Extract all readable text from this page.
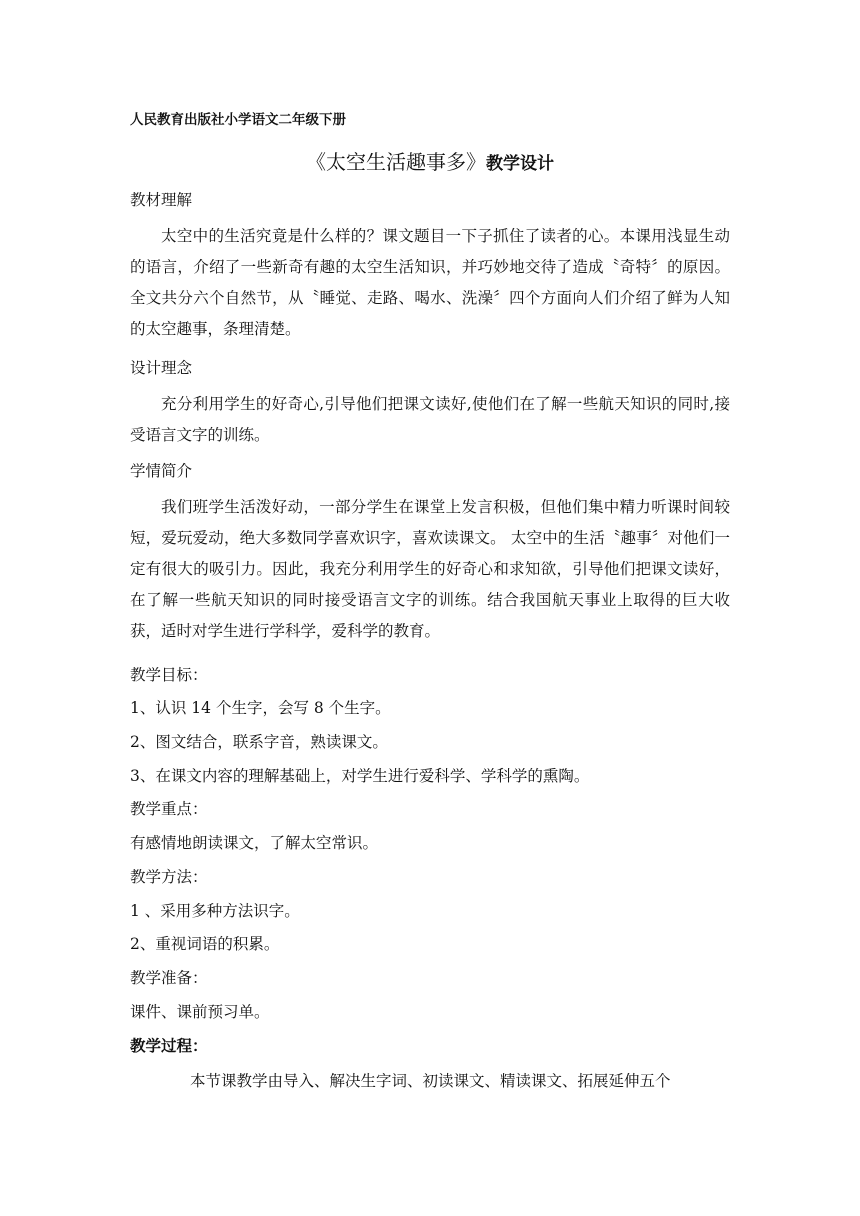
人民教育出版社小学语文二年级下册
《太空生活趣事多》教学设计
教材理解
太空中的生活究竟是什么样的？课文题目一下子抓住了读者的心。本课用浅显生动的语言，介绍了一些新奇有趣的太空生活知识，并巧妙地交待了造成〝奇特〞的原因。全文共分六个自然节，从〝睡觉、走路、喝水、洗澡〞四个方面向人们介绍了鲜为人知的太空趣事，条理清楚。
设计理念
充分利用学生的好奇心,引导他们把课文读好,使他们在了解一些航天知识的同时,接受语言文字的训练。
学情简介
我们班学生活泼好动，一部分学生在课堂上发言积极，但他们集中精力听课时间较短，爱玩爱动，绝大多数同学喜欢识字，喜欢读课文。 太空中的生活〝趣事〞对他们一定有很大的吸引力。因此，我充分利用学生的好奇心和求知欲，引导他们把课文读好，在了解一些航天知识的同时接受语言文字的训练。结合我国航天事业上取得的巨大收获，适时对学生进行学科学，爱科学的教育。
教学目标：
1、认识 14 个生字，会写 8 个生字。
2、图文结合，联系字音，熟读课文。
3、在课文内容的理解基础上，对学生进行爱科学、学科学的熏陶。
教学重点：
有感情地朗读课文，了解太空常识。
教学方法：
1 、采用多种方法识字。
2、重视词语的积累。
教学准备：
课件、课前预习单。
教学过程：
本节课教学由导入、解决生字词、初读课文、精读课文、拓展延伸五个
